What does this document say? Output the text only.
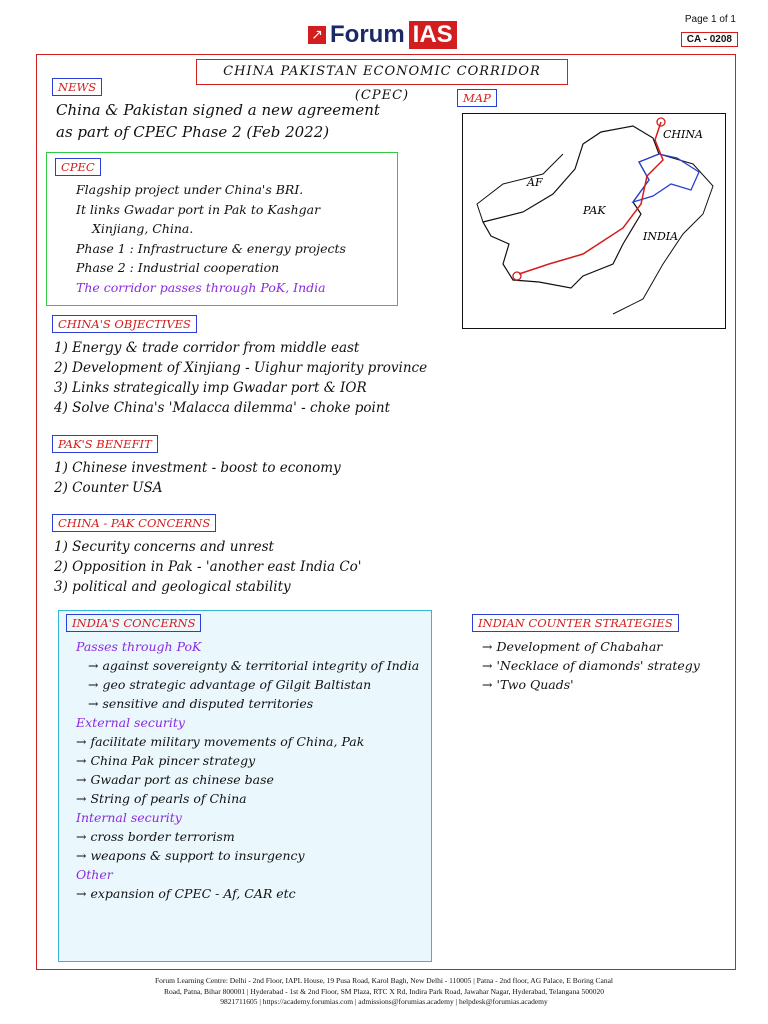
Page 1 of 1
CA - 0208
↗ Forum IAS
CHINA PAKISTAN ECONOMIC CORRIDOR (CPEC)
NEWS
China & Pakistan signed a new agreement
as part of CPEC Phase 2 (Feb 2022)
CPEC
Flagship project under China's BRI.
It links Gwadar port in Pak to Kashgar
Xinjiang, China.
Phase 1 : Infrastructure & energy projects
Phase 2 : Industrial cooperation
The corridor passes through PoK, India
MAP
CHINA
AF
PAK
INDIA
CHINA'S OBJECTIVES
1) Energy & trade corridor from middle east
2) Development of Xinjiang - Uighur majority province
3) Links strategically imp Gwadar port & IOR
4) Solve China's 'Malacca dilemma' - choke point
PAK'S BENEFIT
1) Chinese investment - boost to economy
2) Counter USA
CHINA - PAK CONCERNS
1) Security concerns and unrest
2) Opposition in Pak - 'another east India Co'
3) political and geological stability
INDIA'S CONCERNS
Passes through PoK
→ against sovereignty & territorial integrity of India
→ geo strategic advantage of Gilgit Baltistan
→ sensitive and disputed territories
External security
→ facilitate military movements of China, Pak
→ China Pak pincer strategy
→ Gwadar port as chinese base
→ String of pearls of China
Internal security
→ cross border terrorism
→ weapons & support to insurgency
Other
→ expansion of CPEC - Af, CAR etc
INDIAN COUNTER STRATEGIES
→ Development of Chabahar
→ 'Necklace of diamonds' strategy
→ 'Two Quads'
Forum Learning Centre: Delhi - 2nd Floor, IAPL House, 19 Pusa Road, Karol Bagh, New Delhi - 110005 | Patna - 2nd floor, AG Palace, E Boring Canal
Road, Patna, Bihar 800001 | Hyderabad - 1st & 2nd Floor, SM Plaza, RTC X Rd, Indira Park Road, Jawahar Nagar, Hyderabad, Telangana 500020
9821711605 | https://academy.forumias.com | admissions@forumias.academy | helpdesk@forumias.academy
